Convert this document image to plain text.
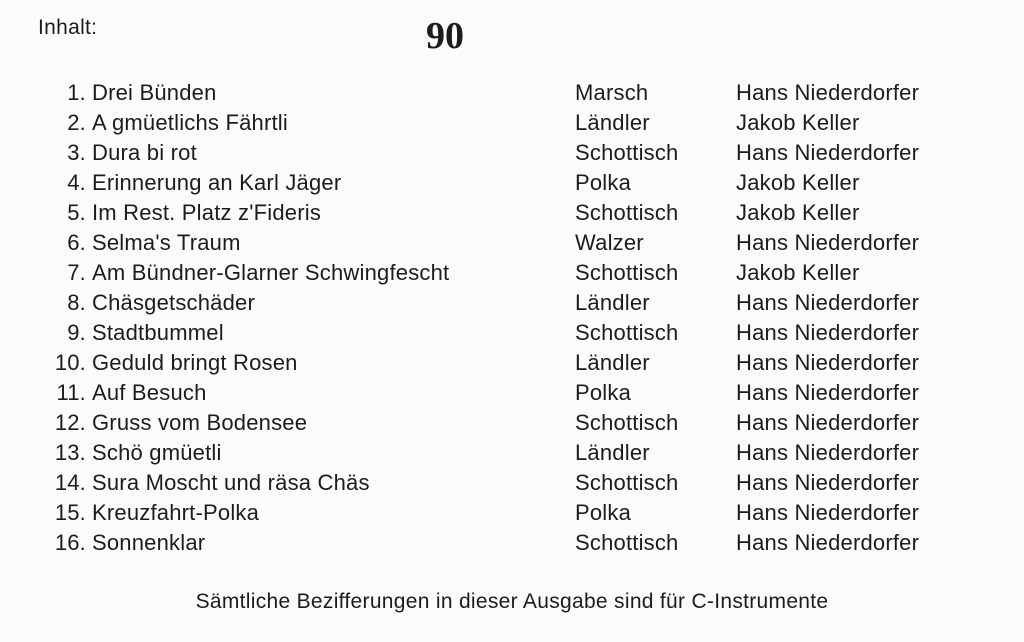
Inhalt:	90
1. Drei Bünden	Marsch	Hans Niederdorfer
2. A gmüetlichs Fährtli	Ländler	Jakob Keller
3. Dura bi rot	Schottisch	Hans Niederdorfer
4. Erinnerung an Karl Jäger	Polka	Jakob Keller
5. Im Rest. Platz z'Fideris	Schottisch	Jakob Keller
6. Selma's Traum	Walzer	Hans Niederdorfer
7. Am Bündner-Glarner Schwingfescht	Schottisch	Jakob Keller
8. Chäsgetschäder	Ländler	Hans Niederdorfer
9. Stadtbummel	Schottisch	Hans Niederdorfer
10. Geduld bringt Rosen	Ländler	Hans Niederdorfer
11. Auf Besuch	Polka	Hans Niederdorfer
12. Gruss vom Bodensee	Schottisch	Hans Niederdorfer
13. Schö gmüetli	Ländler	Hans Niederdorfer
14. Sura Moscht und räsa Chäs	Schottisch	Hans Niederdorfer
15. Kreuzfahrt-Polka	Polka	Hans Niederdorfer
16. Sonnenklar	Schottisch	Hans Niederdorfer
Sämtliche Bezifferungen in dieser Ausgabe sind für C-Instrumente
